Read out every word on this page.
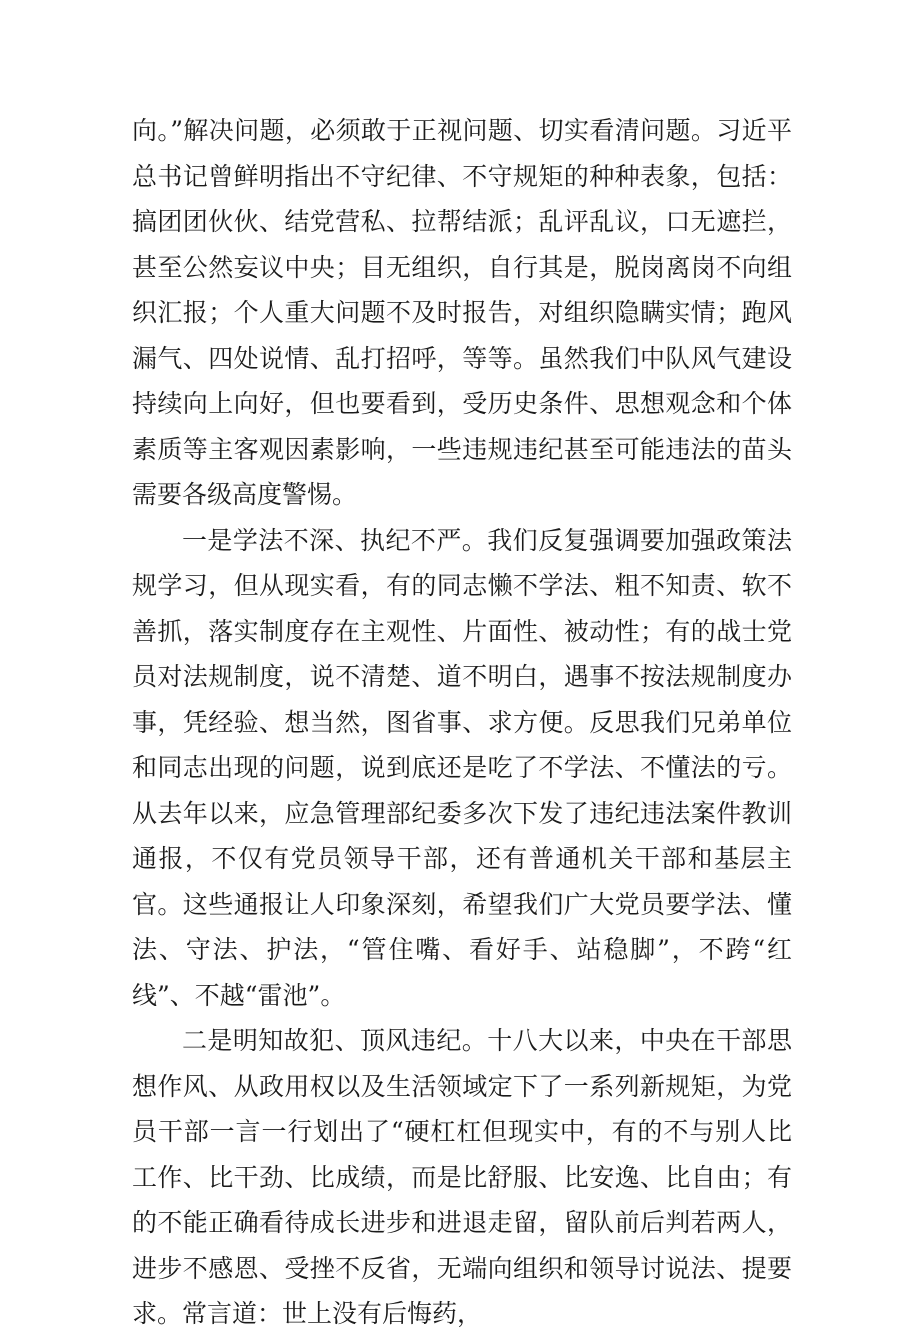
向。”解决问题，必须敢于正视问题、切实看清问题。习近平总书记曾鲜明指出不守纪律、不守规矩的种种表象，包括：搞团团伙伙、结党营私、拉帮结派；乱评乱议，口无遮拦，甚至公然妄议中央；目无组织，自行其是，脱岗离岗不向组织汇报；个人重大问题不及时报告，对组织隐瞒实情；跑风漏气、四处说情、乱打招呼，等等。虽然我们中队风气建设持续向上向好，但也要看到，受历史条件、思想观念和个体素质等主客观因素影响，一些违规违纪甚至可能违法的苗头需要各级高度警惕。

一是学法不深、执纪不严。我们反复强调要加强政策法规学习，但从现实看，有的同志懒不学法、粗不知责、软不善抓，落实制度存在主观性、片面性、被动性；有的战士党员对法规制度，说不清楚、道不明白，遇事不按法规制度办事，凭经验、想当然，图省事、求方便。反思我们兄弟单位和同志出现的问题，说到底还是吃了不学法、不懂法的亏。从去年以来，应急管理部纪委多次下发了违纪违法案件教训通报，不仅有党员领导干部，还有普通机关干部和基层主官。这些通报让人印象深刻，希望我们广大党员要学法、懂法、守法、护法，“管住嘴、看好手、站稳脚”，不跨“红线”、不越“雷池”。

二是明知故犯、顶风违纪。十八大以来，中央在干部思想作风、从政用权以及生活领域定下了一系列新规矩，为党员干部一言一行划出了“硬杠杠但现实中，有的不与别人比工作、比干劲、比成绩，而是比舒服、比安逸、比自由；有的不能正确看待成长进步和进退走留，留队前后判若两人，进步不感恩、受挫不反省，无端向组织和领导讨说法、提要求。常言道：世上没有后悔药，
